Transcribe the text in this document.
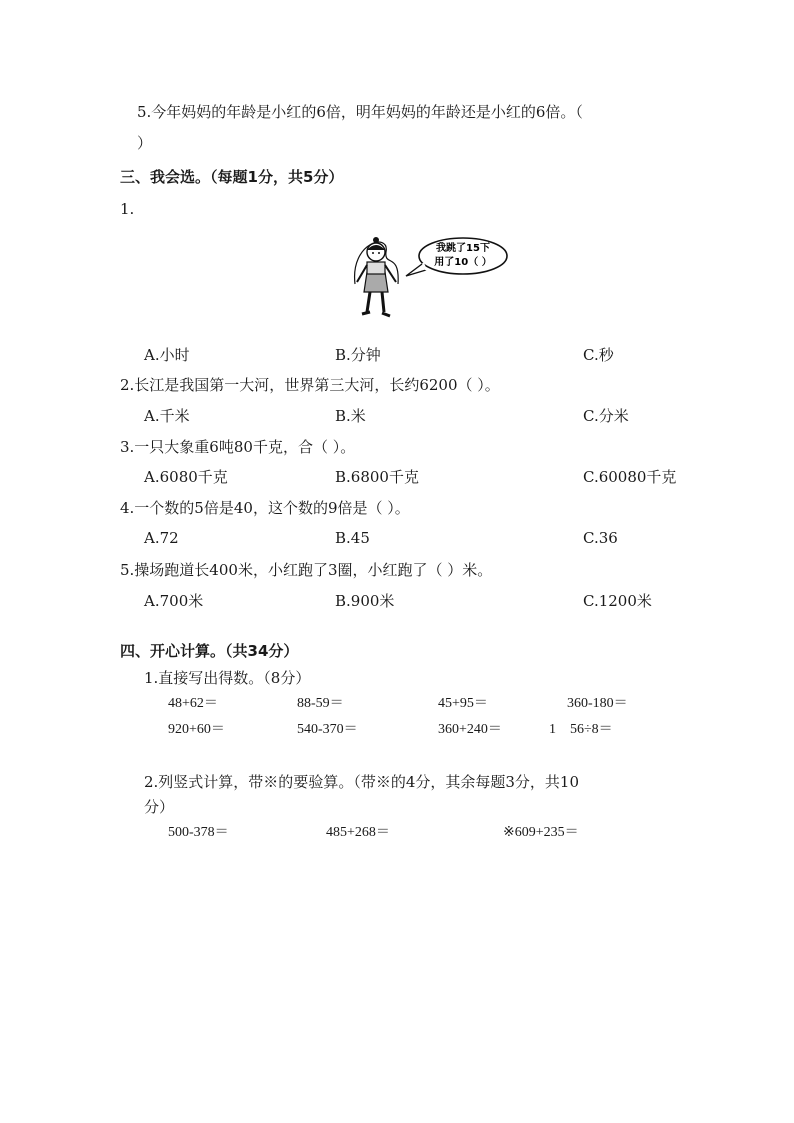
5.今年妈妈的年龄是小红的6倍，明年妈妈的年龄还是小红的6倍。（
）
三、我会选。（每题1分，共5分）
1.
我跳了15下
用了10（ ）
A.小时	B.分钟	C.秒
2.长江是我国第一大河，世界第三大河，长约6200（ ）。
A.千米	B.米	C.分米
3.一只大象重6吨80千克，合（ ）。
A.6080千克	B.6800千克	C.60080千克
4.一个数的5倍是40，这个数的9倍是（ ）。
A.72	B.45	C.36
5.操场跑道长400米，小红跑了3圈，小红跑了（ ）米。
A.700米	B.900米	C.1200米
四、开心计算。（共34分）
1.直接写出得数。（8分）
48+62＝	88-59＝	45+95＝	360-180＝
920+60＝	540-370＝	360+240＝	1    56÷8＝
2.列竖式计算，带※的要验算。（带※的4分，其余每题3分，共10
分）
500-378＝	485+268＝	※609+235＝
